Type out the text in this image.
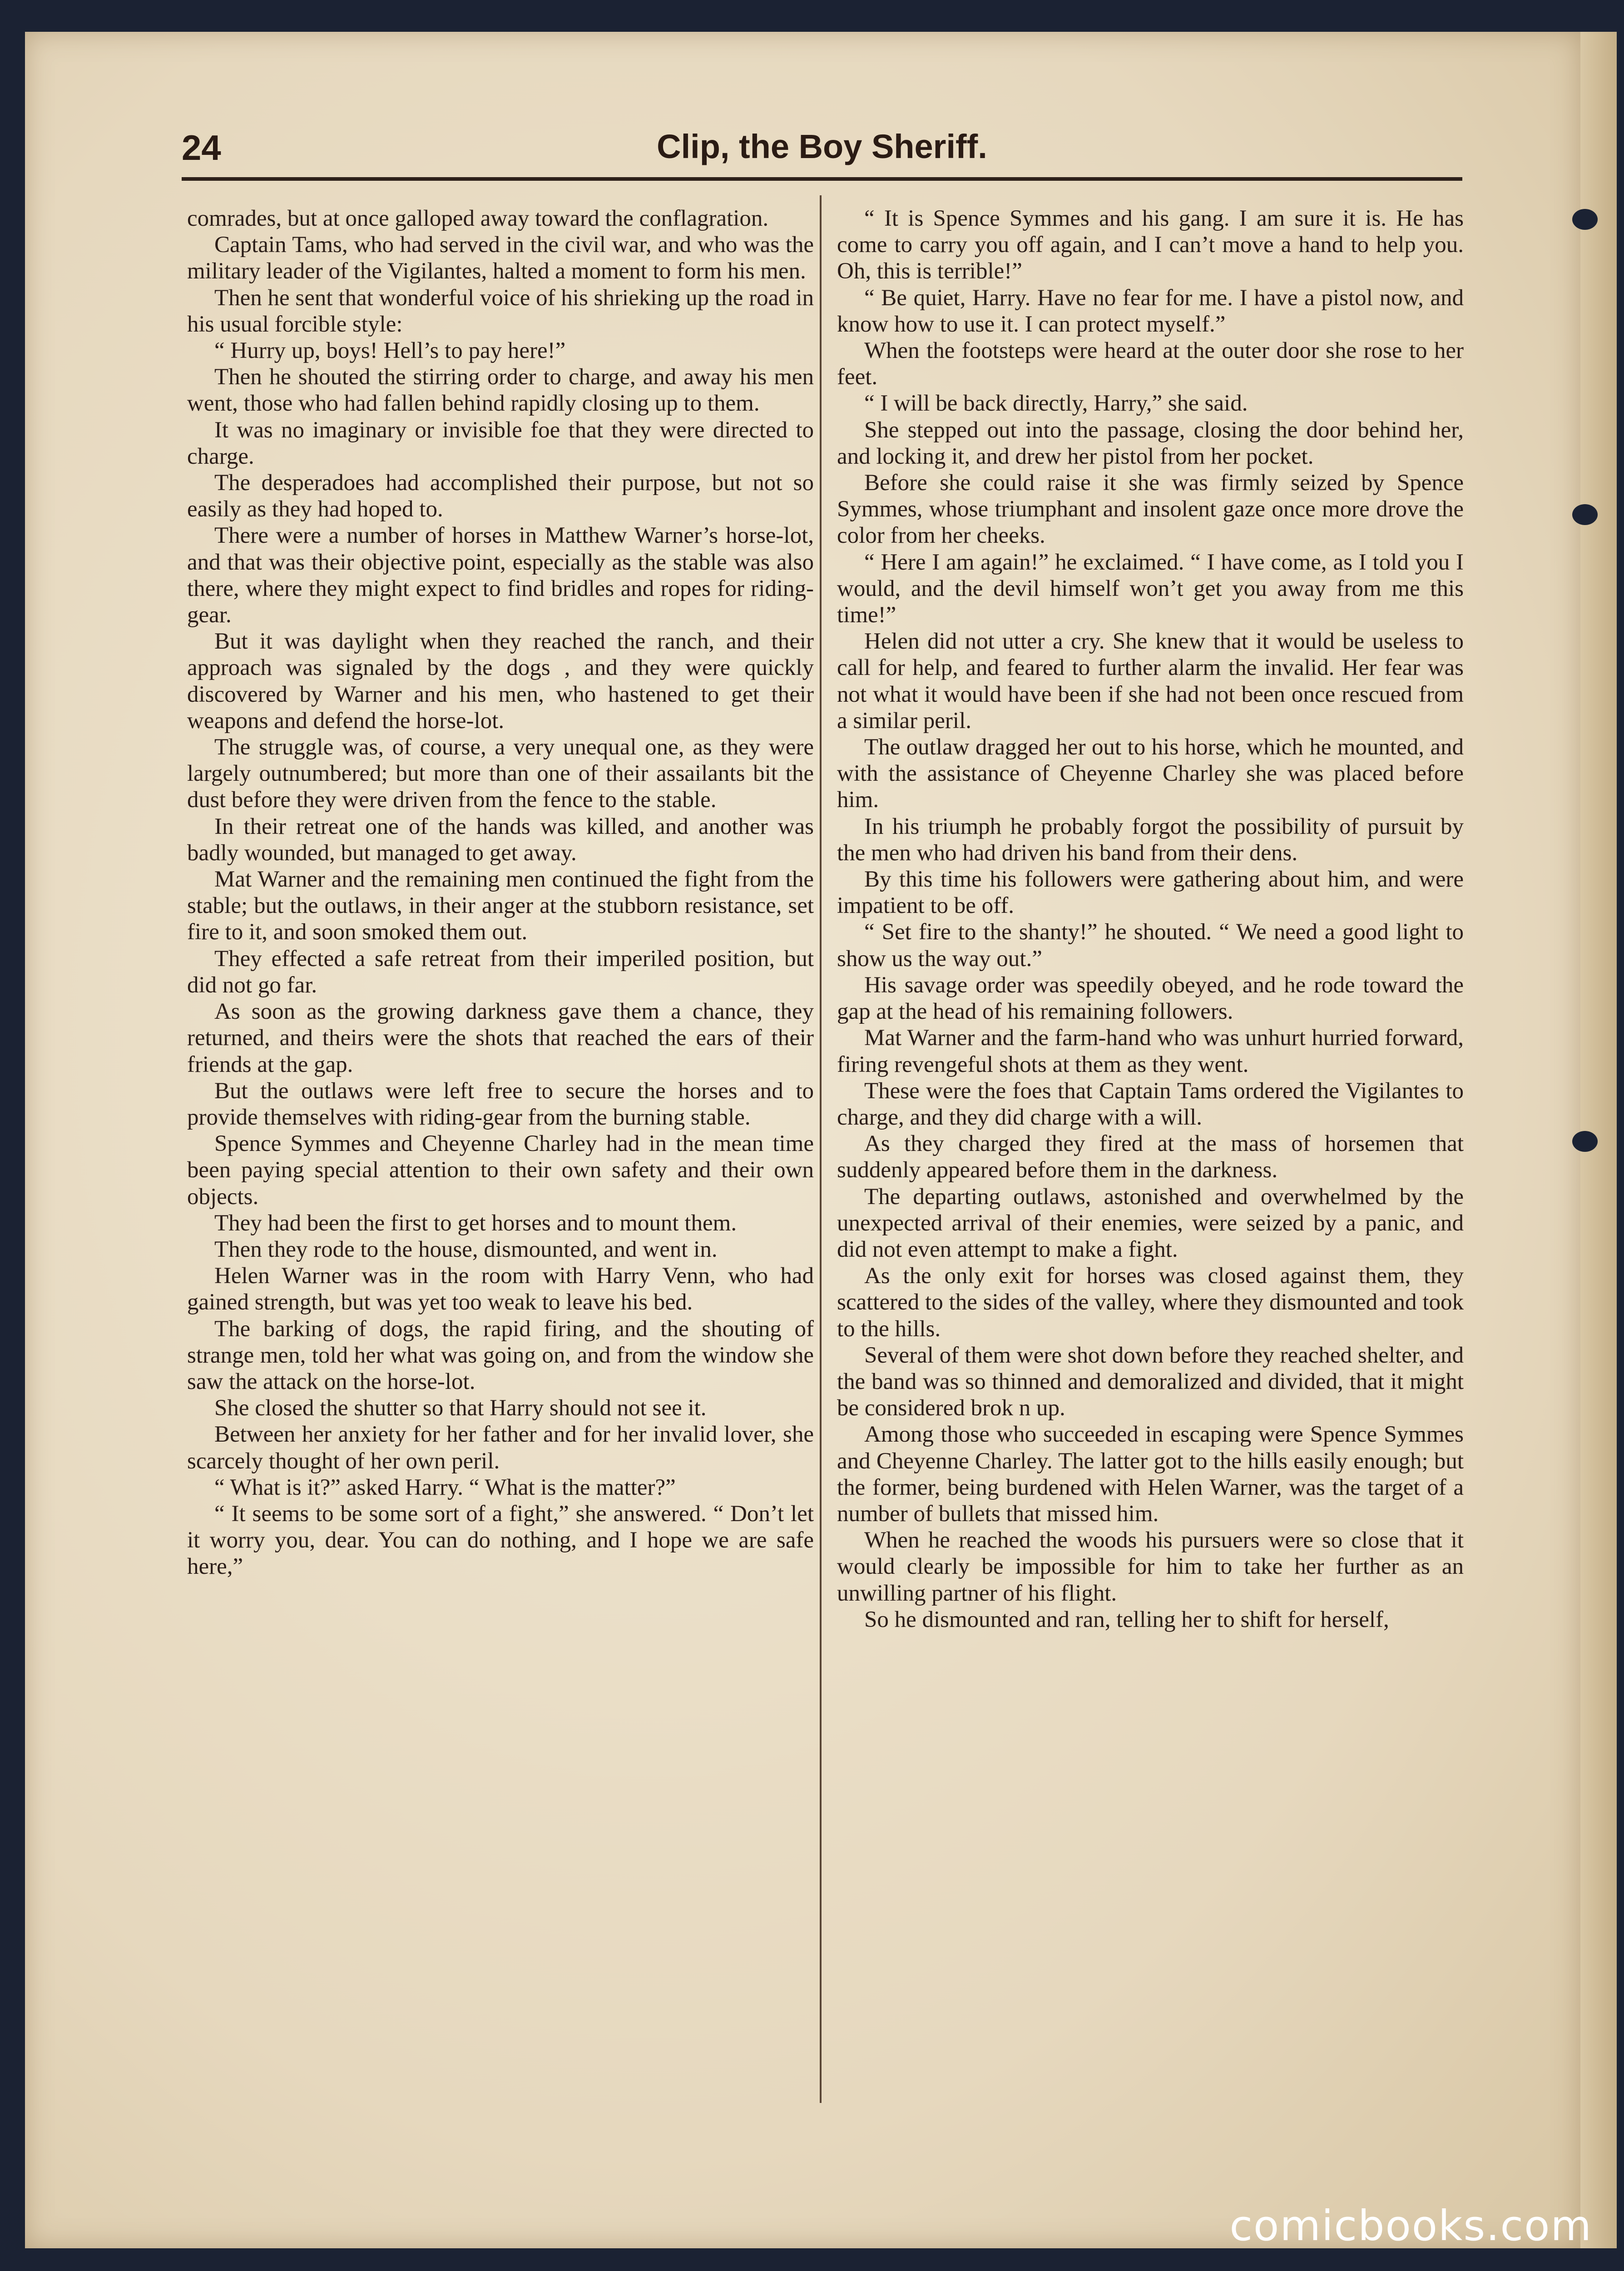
24	Clip, the Boy Sheriff.

comrades, but at once galloped away toward the conflagration.

Captain Tams, who had served in the civil war, and who was the military leader of the Vigilantes, halted a moment to form his men.

Then he sent that wonderful voice of his shrieking up the road in his usual forcible style:

“ Hurry up, boys! Hell’s to pay here!”

Then he shouted the stirring order to charge, and away his men went, those who had fallen behind rapidly closing up to them.

It was no imaginary or invisible foe that they were directed to charge.

The desperadoes had accomplished their purpose, but not so easily as they had hoped to.

There were a number of horses in Matthew Warner’s horse-lot, and that was their objective point, especially as the stable was also there, where they might expect to find bridles and ropes for riding-gear.

But it was daylight when they reached the ranch, and their approach was signaled by the dogs , and they were quickly discovered by Warner and his men, who hastened to get their weapons and defend the horse-lot.

The struggle was, of course, a very unequal one, as they were largely outnumbered; but more than one of their assailants bit the dust before they were driven from the fence to the stable.

In their retreat one of the hands was killed, and another was badly wounded, but managed to get away.

Mat Warner and the remaining men continued the fight from the stable; but the outlaws, in their anger at the stubborn resistance, set fire to it, and soon smoked them out.

They effected a safe retreat from their imperiled position, but did not go far.

As soon as the growing darkness gave them a chance, they returned, and theirs were the shots that reached the ears of their friends at the gap.

But the outlaws were left free to secure the horses and to provide themselves with riding-gear from the burning stable.

Spence Symmes and Cheyenne Charley had in the mean time been paying special attention to their own safety and their own objects.

They had been the first to get horses and to mount them.

Then they rode to the house, dismounted, and went in.

Helen Warner was in the room with Harry Venn, who had gained strength, but was yet too weak to leave his bed.

The barking of dogs, the rapid firing, and the shouting of strange men, told her what was going on, and from the window she saw the attack on the horse-lot.

She closed the shutter so that Harry should not see it.

Between her anxiety for her father and for her invalid lover, she scarcely thought of her own peril.

“ What is it?” asked Harry. “ What is the matter?”

“ It seems to be some sort of a fight,” she answered. “ Don’t let it worry you, dear. You can do nothing, and I hope we are safe here,”

“ It is Spence Symmes and his gang. I am sure it is. He has come to carry you off again, and I can’t move a hand to help you. Oh, this is terrible!”

“ Be quiet, Harry. Have no fear for me. I have a pistol now, and know how to use it. I can protect myself.”

When the footsteps were heard at the outer door she rose to her feet.

“ I will be back directly, Harry,” she said.

She stepped out into the passage, closing the door behind her, and locking it, and drew her pistol from her pocket.

Before she could raise it she was firmly seized by Spence Symmes, whose triumphant and insolent gaze once more drove the color from her cheeks.

“ Here I am again!” he exclaimed. “ I have come, as I told you I would, and the devil himself won’t get you away from me this time!”

Helen did not utter a cry. She knew that it would be useless to call for help, and feared to further alarm the invalid. Her fear was not what it would have been if she had not been once rescued from a similar peril.

The outlaw dragged her out to his horse, which he mounted, and with the assistance of Cheyenne Charley she was placed before him.

In his triumph he probably forgot the possibility of pursuit by the men who had driven his band from their dens.

By this time his followers were gathering about him, and were impatient to be off.

“ Set fire to the shanty!” he shouted. “ We need a good light to show us the way out.”

His savage order was speedily obeyed, and he rode toward the gap at the head of his remaining followers.

Mat Warner and the farm-hand who was unhurt hurried forward, firing revengeful shots at them as they went.

These were the foes that Captain Tams ordered the Vigilantes to charge, and they did charge with a will.

As they charged they fired at the mass of horsemen that suddenly appeared before them in the darkness.

The departing outlaws, astonished and overwhelmed by the unexpected arrival of their enemies, were seized by a panic, and did not even attempt to make a fight.

As the only exit for horses was closed against them, they scattered to the sides of the valley, where they dismounted and took to the hills.

Several of them were shot down before they reached shelter, and the band was so thinned and demoralized and divided, that it might be considered brok n up.

Among those who succeeded in escaping were Spence Symmes and Cheyenne Charley. The latter got to the hills easily enough; but the former, being burdened with Helen Warner, was the target of a number of bullets that missed him.

When he reached the woods his pursuers were so close that it would clearly be impossible for him to take her further as an unwilling partner of his flight.

So he dismounted and ran, telling her to shift for herself,

comicbooks.com
